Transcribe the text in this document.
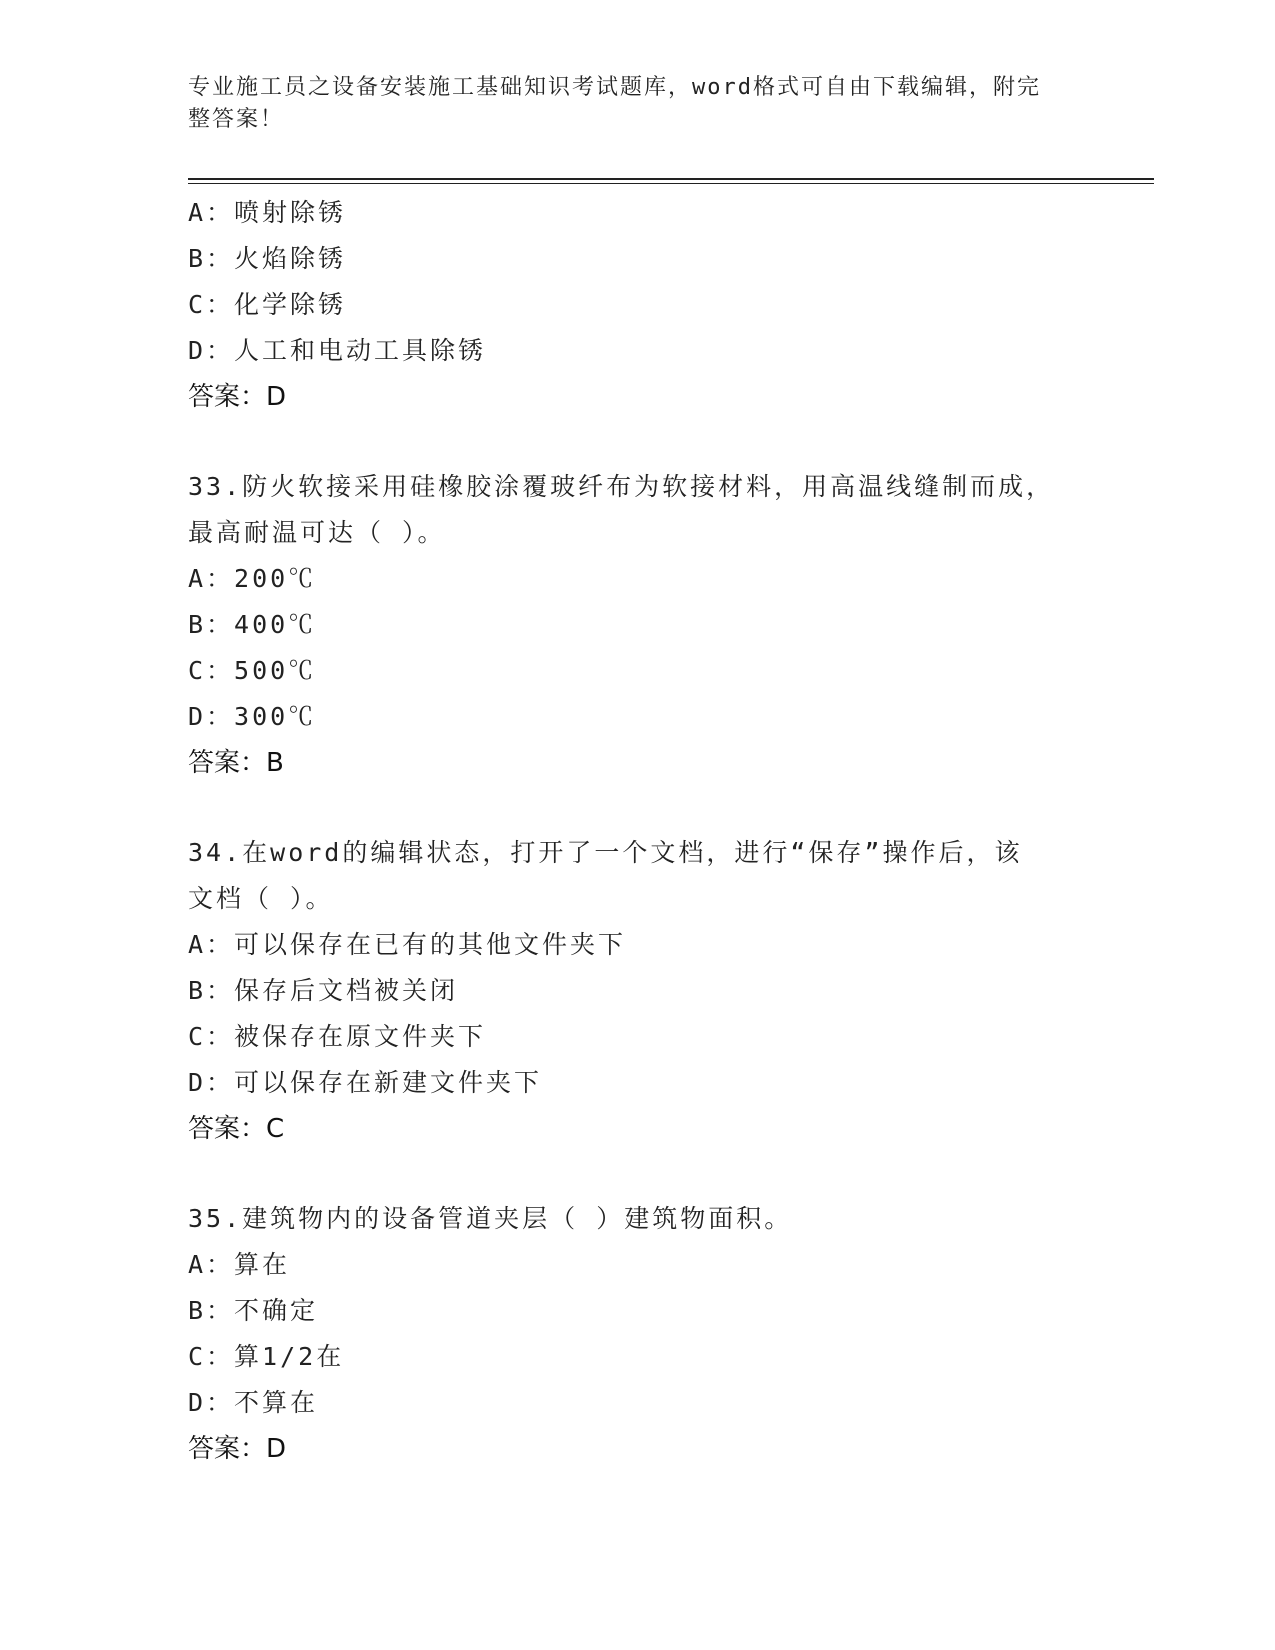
专业施工员之设备安装施工基础知识考试题库，word格式可自由下载编辑，附完
整答案！
A：喷射除锈
B：火焰除锈
C：化学除锈
D：人工和电动工具除锈
答案：D
33.防火软接采用硅橡胶涂覆玻纤布为软接材料，用高温线缝制而成，
最高耐温可达（ ）。
A：200℃
B：400℃
C：500℃
D：300℃
答案：B
34.在word的编辑状态，打开了一个文档，进行“保存”操作后，该
文档（ ）。
A：可以保存在已有的其他文件夹下
B：保存后文档被关闭
C：被保存在原文件夹下
D：可以保存在新建文件夹下
答案：C
35.建筑物内的设备管道夹层（ ）建筑物面积。
A：算在
B：不确定
C：算1/2在
D：不算在
答案：D
